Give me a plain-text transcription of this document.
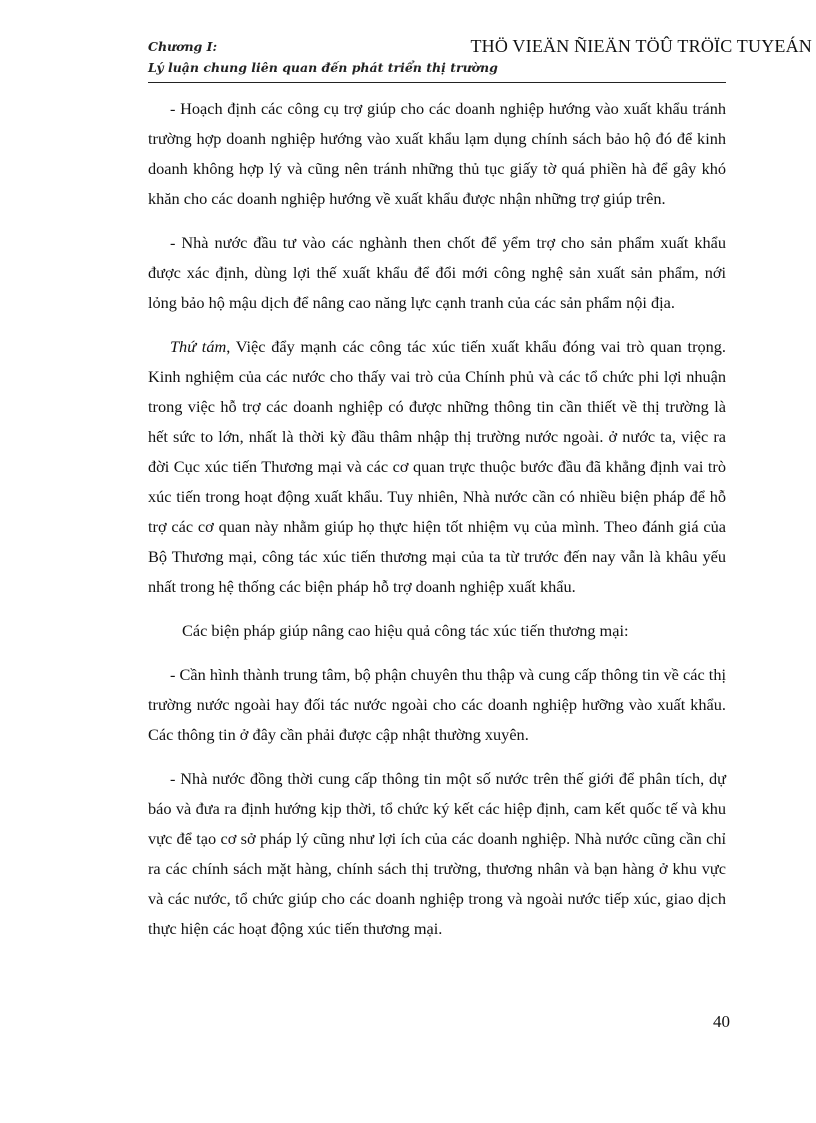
Chương I:
Lý luận chung liên quan đến phát triển thị trường
THÖ VIEÄN ÑIEÄN TÖÛ TRÖÏC TUYEÁN

- Hoạch định các công cụ trợ giúp cho các doanh nghiệp hướng vào xuất khẩu tránh trường hợp doanh nghiệp hướng vào xuất khẩu lạm dụng chính sách bảo hộ đó để kinh doanh không hợp lý và cũng nên tránh những thủ tục giấy tờ quá phiền hà để gây khó khăn cho các doanh nghiệp hướng về xuất khẩu được nhận những trợ giúp trên.

- Nhà nước đầu tư vào các nghành then chốt để yểm trợ cho sản phẩm xuất khẩu được xác định, dùng lợi thế xuất khẩu để đổi mới công nghệ sản xuất sản phẩm, nới lỏng bảo hộ mậu dịch để nâng cao năng lực cạnh tranh của các sản phẩm nội địa.

Thứ tám, Việc đẩy mạnh các công tác xúc tiến xuất khẩu đóng vai trò quan trọng. Kinh nghiệm của các nước cho thấy vai trò của Chính phủ và các tổ chức phi lợi nhuận trong việc hỗ trợ các doanh nghiệp có được những thông tin cần thiết về thị trường là hết sức to lớn, nhất là thời kỳ đầu thâm nhập thị trường nước ngoài. ở nước ta, việc ra đời Cục xúc tiến Thương mại và các cơ quan trực thuộc bước đầu đã khẳng định vai trò xúc tiến trong hoạt động xuất khẩu. Tuy nhiên, Nhà nước cần có nhiều biện pháp để hỗ trợ các cơ quan này nhằm giúp họ thực hiện tốt nhiệm vụ của mình. Theo đánh giá của Bộ Thương mại, công tác xúc tiến thương mại của ta từ trước đến nay vẫn là khâu yếu nhất trong hệ thống các biện pháp hỗ trợ doanh nghiệp xuất khẩu.

Các biện pháp giúp nâng cao hiệu quả công tác xúc tiến thương mại:

- Cần hình thành trung tâm, bộ phận chuyên thu thập và cung cấp thông tin về các thị trường nước ngoài hay đối tác nước ngoài cho các doanh nghiệp hưỡng vào xuất khẩu. Các thông tin ở đây cần phải được cập nhật thường xuyên.

- Nhà nước đồng thời cung cấp thông tin một số nước trên thế giới để phân tích, dự báo và đưa ra định hướng kịp thời, tổ chức ký kết các hiệp định, cam kết quốc tế và khu vực để tạo cơ sở pháp lý cũng như lợi ích của các doanh nghiệp. Nhà nước cũng cần chỉ ra các chính sách mặt hàng, chính sách thị trường, thương nhân và bạn hàng ở khu vực và các nước, tổ chức giúp cho các doanh nghiệp trong và ngoài nước tiếp xúc, giao dịch thực hiện các hoạt động xúc tiến thương mại.

40
